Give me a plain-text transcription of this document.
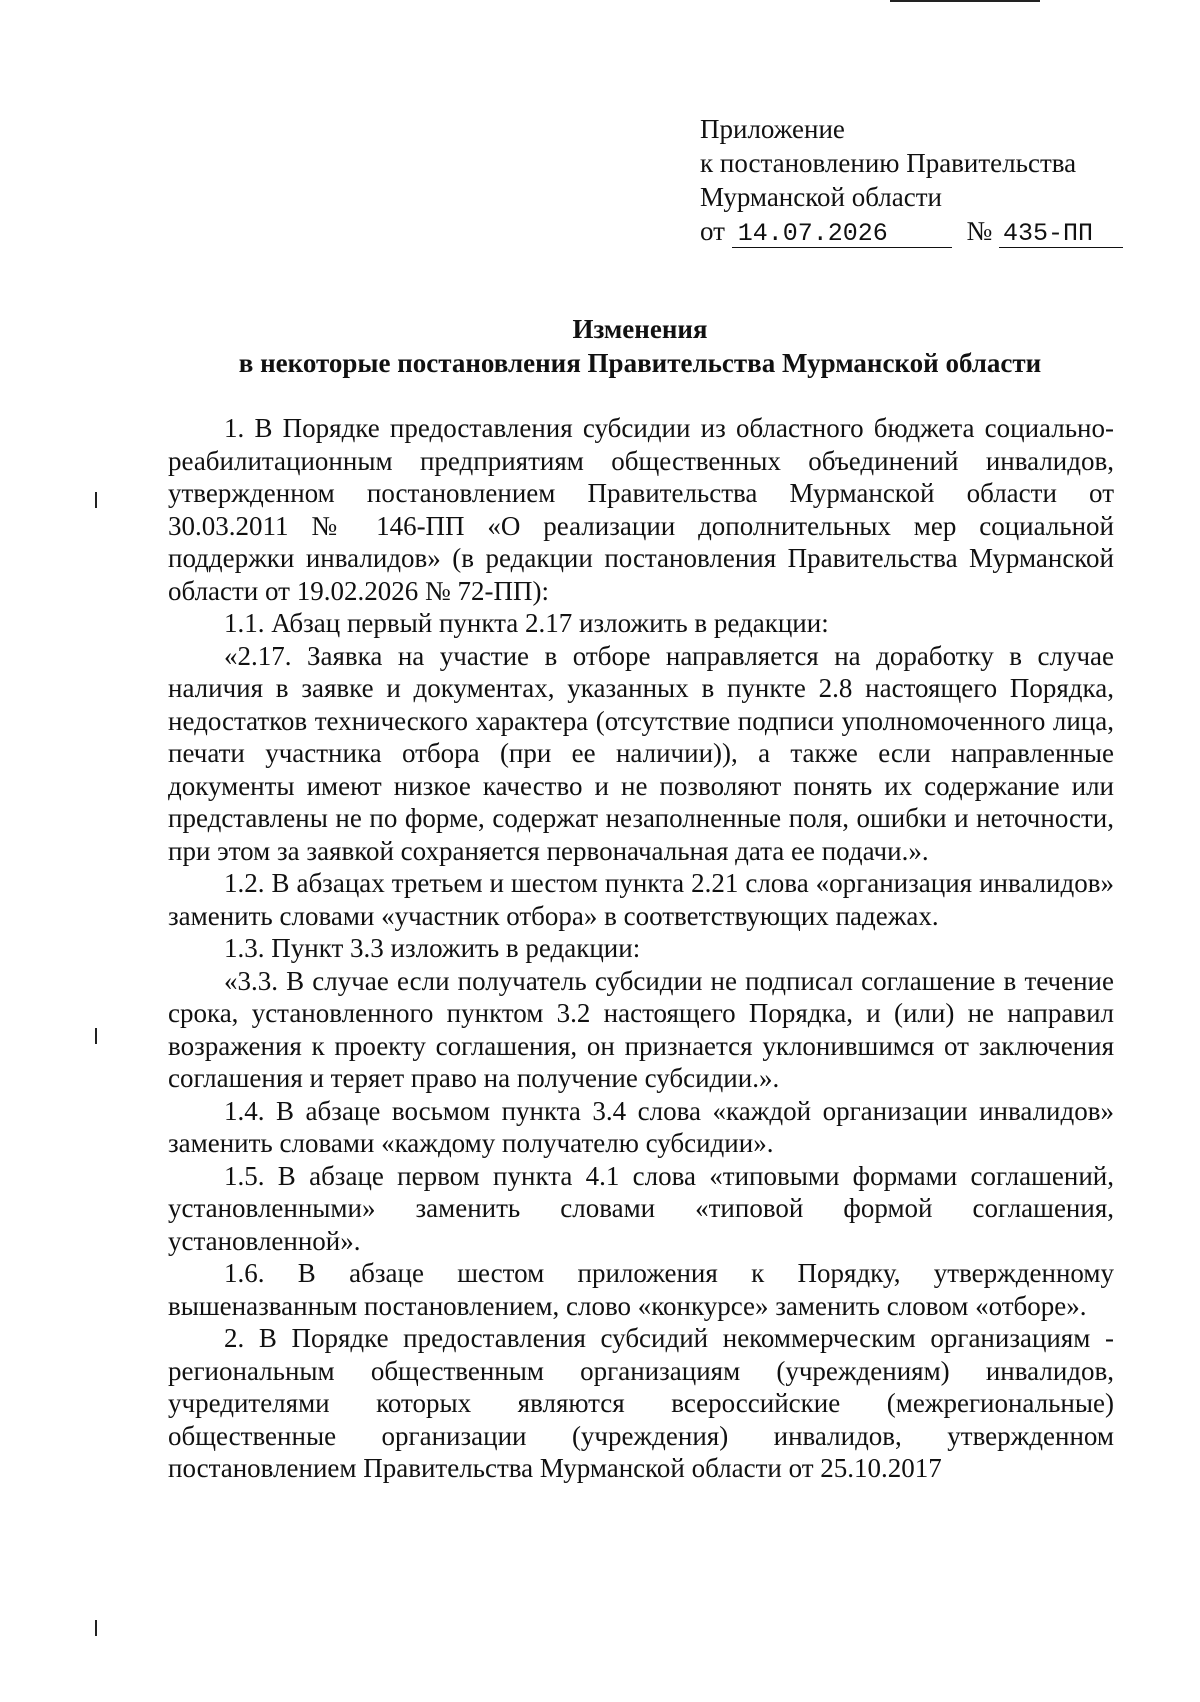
Приложение
к постановлению Правительства
Мурманской области
от 14.07.2026	№ 435-ПП
Изменения
в некоторые постановления Правительства Мурманской области

1. В Порядке предоставления субсидии из областного бюджета социально-реабилитационным предприятиям общественных объединений инвалидов, утвержденном постановлением Правительства Мурманской области от 30.03.2011 № 146-ПП «О реализации дополнительных мер социальной поддержки инвалидов» (в редакции постановления Правительства Мурманской области от 19.02.2026 № 72-ПП):

1.1. Абзац первый пункта 2.17 изложить в редакции:

«2.17. Заявка на участие в отборе направляется на доработку в случае наличия в заявке и документах, указанных в пункте 2.8 настоящего Порядка, недостатков технического характера (отсутствие подписи уполномоченного лица, печати участника отбора (при ее наличии)), а также если направленные документы имеют низкое качество и не позволяют понять их содержание или представлены не по форме, содержат незаполненные поля, ошибки и неточности, при этом за заявкой сохраняется первоначальная дата ее подачи.».

1.2. В абзацах третьем и шестом пункта 2.21 слова «организация инвалидов» заменить словами «участник отбора» в соответствующих падежах.

1.3. Пункт 3.3 изложить в редакции:

«3.3. В случае если получатель субсидии не подписал соглашение в течение срока, установленного пунктом 3.2 настоящего Порядка, и (или) не направил возражения к проекту соглашения, он признается уклонившимся от заключения соглашения и теряет право на получение субсидии.».

1.4. В абзаце восьмом пункта 3.4 слова «каждой организации инвалидов» заменить словами «каждому получателю субсидии».

1.5. В абзаце первом пункта 4.1 слова «типовыми формами соглашений, установленными» заменить словами «типовой формой соглашения, установленной».

1.6. В абзаце шестом приложения к Порядку, утвержденному вышеназванным постановлением, слово «конкурсе» заменить словом «отборе».

2. В Порядке предоставления субсидий некоммерческим организациям - региональным общественным организациям (учреждениям) инвалидов, учредителями которых являются всероссийские (межрегиональные) общественные организации (учреждения) инвалидов, утвержденном постановлением Правительства Мурманской области от 25.10.2017
